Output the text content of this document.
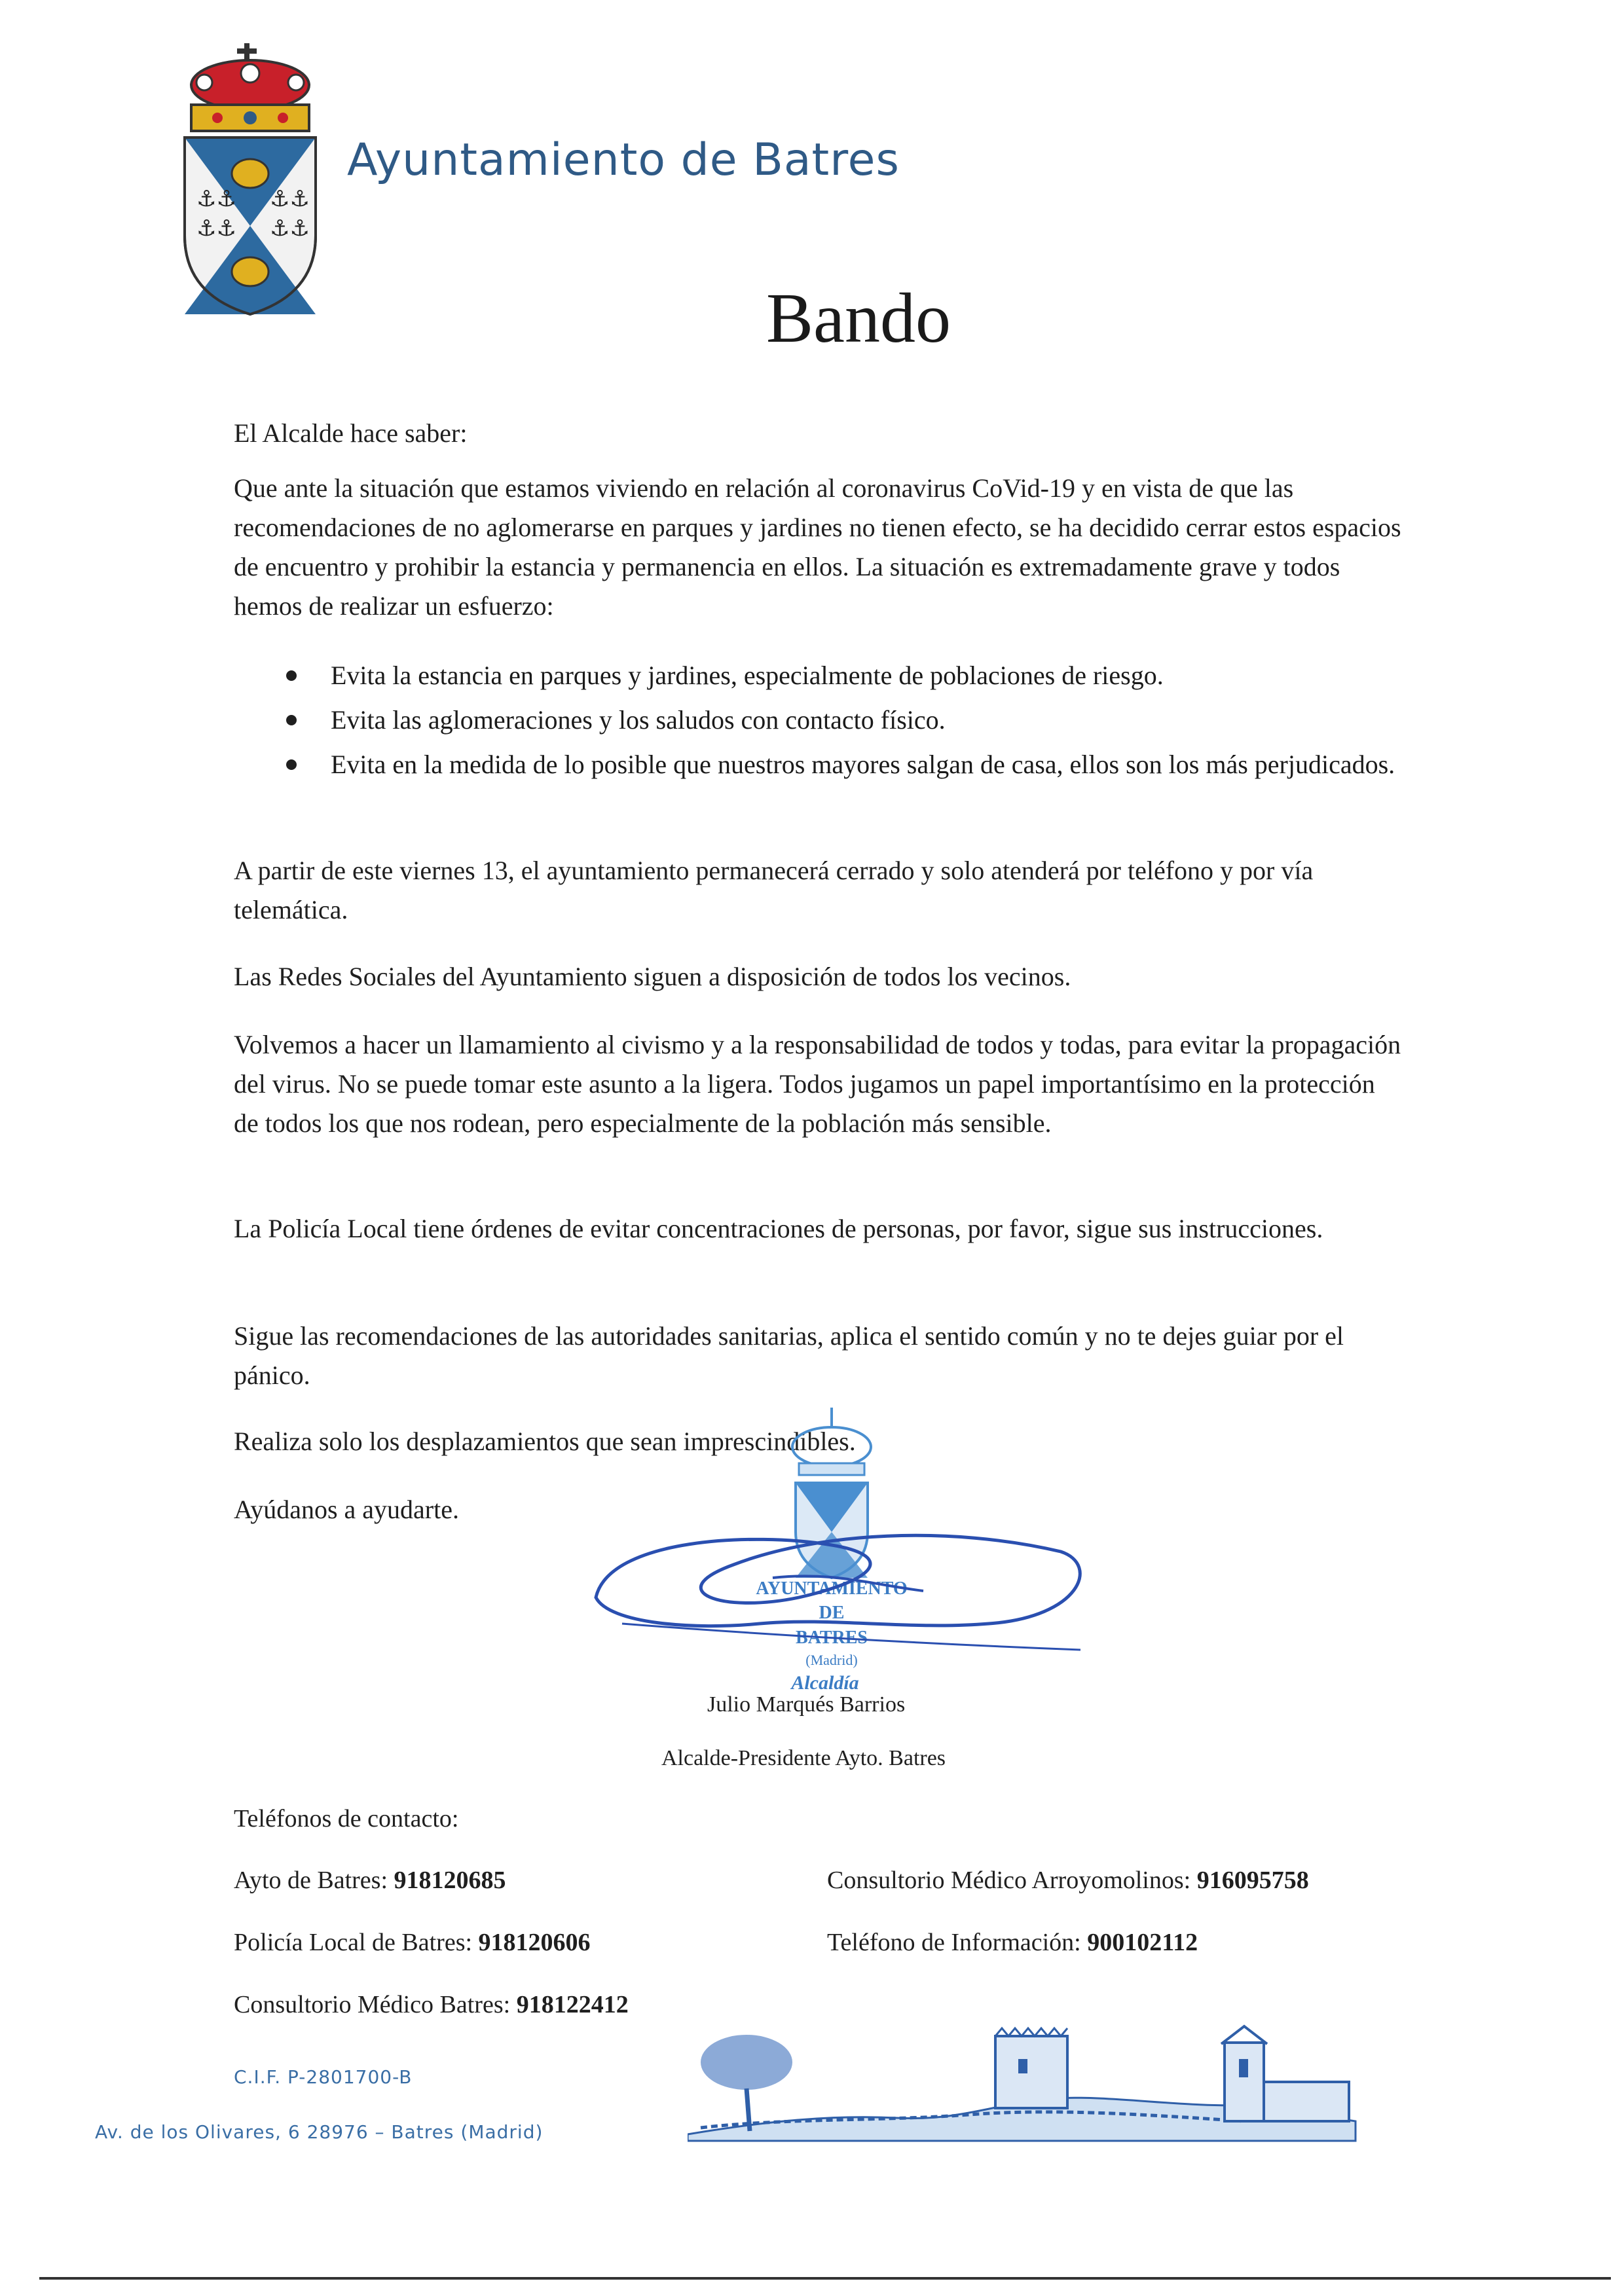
⚓⚓
⚓⚓
⚓⚓
⚓⚓
Ayuntamiento de Batres
Bando
El Alcalde hace saber:
Que ante la situación que estamos viviendo en relación al coronavirus CoVid-19 y en vista de que las recomendaciones de no aglomerarse en parques y jardines no tienen efecto, se ha decidido cerrar estos espacios de encuentro y prohibir la estancia y permanencia en ellos. La situación es extremadamente grave y todos hemos de realizar un esfuerzo:
Evita la estancia en parques y jardines, especialmente de poblaciones de riesgo.
Evita las aglomeraciones y los saludos con contacto físico.
Evita en la medida de lo posible que nuestros mayores salgan de casa, ellos son los más perjudicados.
A partir de este viernes 13, el ayuntamiento permanecerá cerrado y solo atenderá por teléfono y por vía telemática.
Las Redes Sociales del Ayuntamiento siguen a disposición de todos los vecinos.
Volvemos a hacer un llamamiento al civismo y a la responsabilidad de todos y todas, para evitar la propagación del virus. No se puede tomar este asunto a la ligera. Todos jugamos un papel importantísimo en la protección de todos los que nos rodean, pero especialmente de la población más sensible.
La Policía Local tiene órdenes de evitar concentraciones de personas, por favor, sigue sus instrucciones.
Sigue las recomendaciones de las autoridades sanitarias, aplica el sentido común y no te dejes guiar por el pánico.
Realiza solo los desplazamientos que sean imprescindibles.
Ayúdanos a ayudarte.
AYUNTAMIENTO
DE
BATRES
(Madrid)
Alcaldía
Julio Marqués Barrios
Alcalde-Presidente Ayto. Batres
Teléfonos de contacto:
Ayto de Batres: 918120685	Consultorio Médico Arroyomolinos: 916095758
Policía Local de Batres: 918120606	Teléfono de Información: 900102112
Consultorio Médico Batres: 918122412
C.I.F. P-2801700-B
Av. de los Olivares, 6 28976 – Batres (Madrid)
